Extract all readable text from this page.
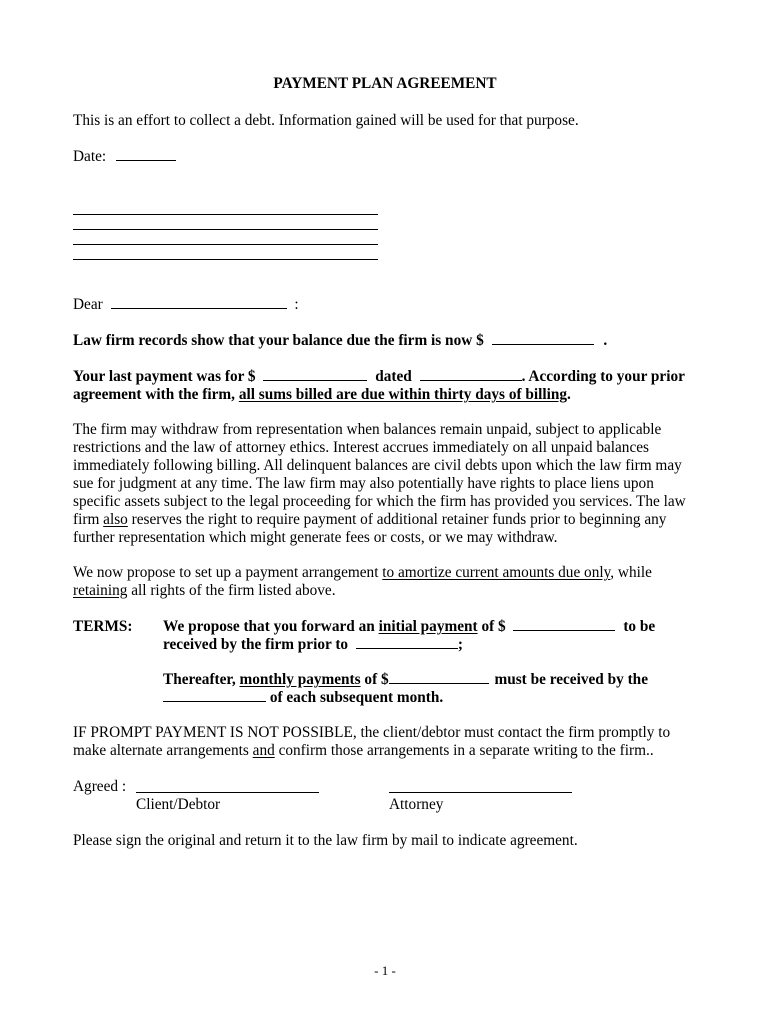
PAYMENT PLAN AGREEMENT
This is an effort to collect a debt. Information gained will be used for that purpose.
Date:
Dear	:
Law firm records show that your balance due the firm is now $	.
Your last payment was for $	dated	. According to your prior
agreement with the firm, all sums billed are due within thirty days of billing.
The firm may withdraw from representation when balances remain unpaid, subject to applicable
restrictions and the law of attorney ethics. Interest accrues immediately on all unpaid balances
immediately following billing. All delinquent balances are civil debts upon which the law firm may
sue for judgment at any time. The law firm may also potentially have rights to place liens upon
specific assets subject to the legal proceeding for which the firm has provided you services. The law
firm also reserves the right to require payment of additional retainer funds prior to beginning any
further representation which might generate fees or costs, or we may withdraw.
We now propose to set up a payment arrangement to amortize current amounts due only, while
retaining all rights of the firm listed above.
TERMS: We propose that you forward an initial payment of $	to be
received by the firm prior to	;
Thereafter, monthly payments of $	must be received by the
of each subsequent month.
IF PROMPT PAYMENT IS NOT POSSIBLE, the client/debtor must contact the firm promptly to
make alternate arrangements and confirm those arrangements in a separate writing to the firm..
Agreed :
Client/Debtor	Attorney
Please sign the original and return it to the law firm by mail to indicate agreement.
- 1 -
